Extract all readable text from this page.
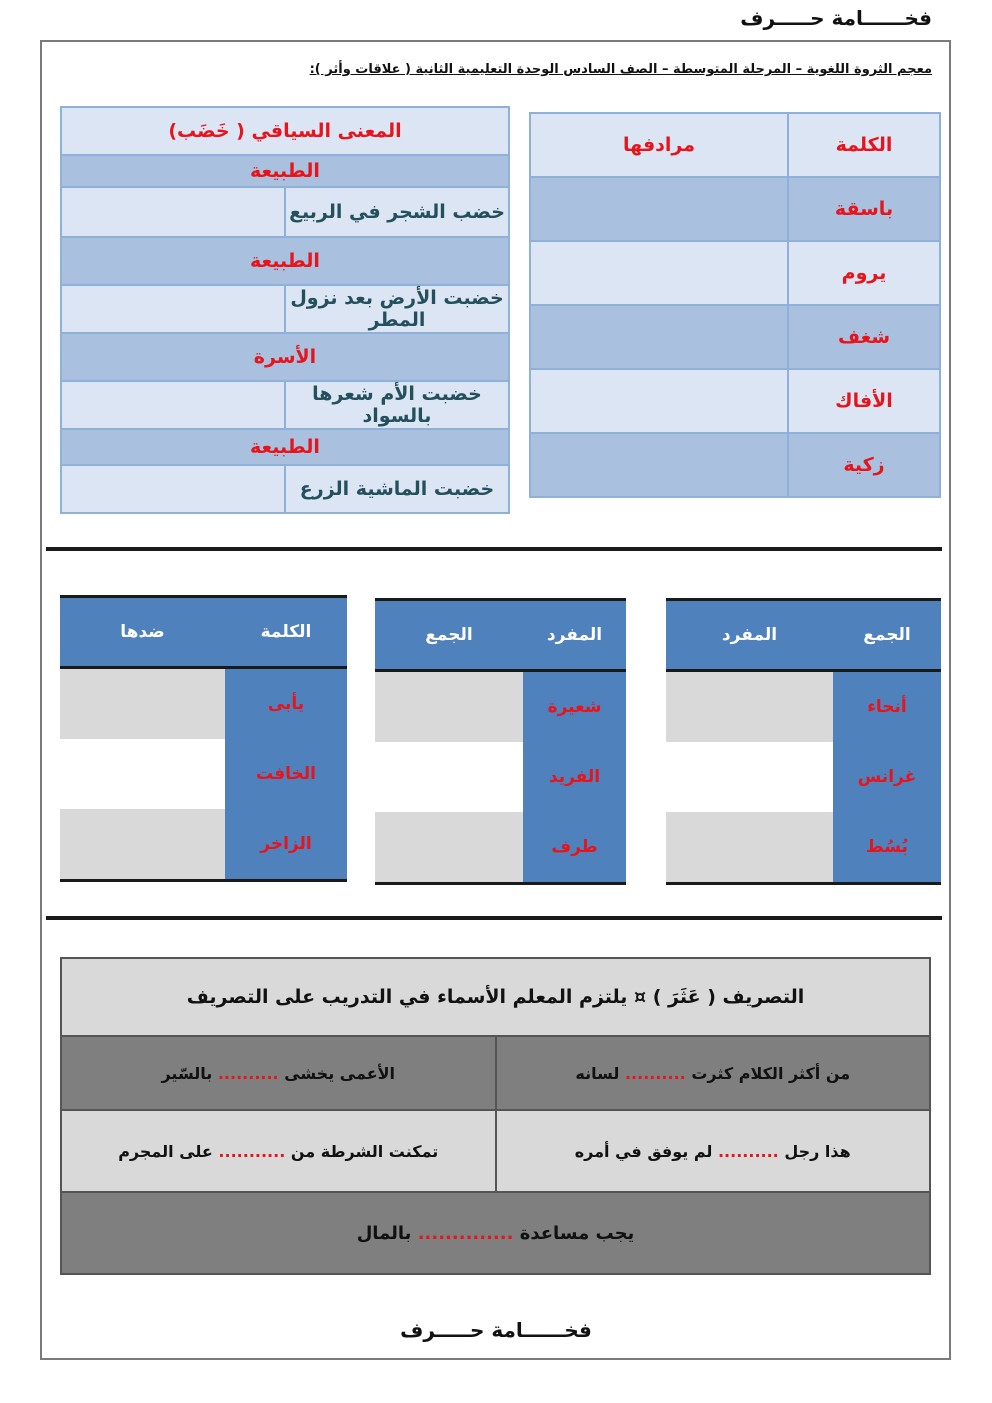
فخــــــامة حـــــرف
معجم الثروة اللغوية – المرحلة المتوسطة – الصف السادس الوحدة التعليمية الثانية ( علاقات وأثر ):
الكلمة	مرادفها
باسقة	
يروم	
شغف	
الأفاك	
زكية	
المعنى السياقي ( خَضَب)	
الطبيعة	
خضب الشجر في الربيع	
الطبيعة	
خضبت الأرض بعد نزول المطر	
الأسرة	
خضبت الأم شعرها بالسواد	
الطبيعة	
خضبت الماشية الزرع	
الجمع	المفرد
أنحاء	
غرانس	
بُسُط	
المفرد	الجمع
شعيرة	
الفريد	
طرف	
الكلمة	ضدها
يأبى	
الخافت	
الزاخر	
التصريف ( عَثَرَ ) ¤ يلتزم المعلم الأسماء في التدريب على التصريف	
من أكثر الكلام كثرت .......... لسانه	الأعمى يخشى .......... بالسّير
هذا رجل .......... لم يوفق في أمره	تمكنت الشرطة من ........... على المجرم
يجب مساعدة .............. بالمال	
فخــــــامة حـــــرف
